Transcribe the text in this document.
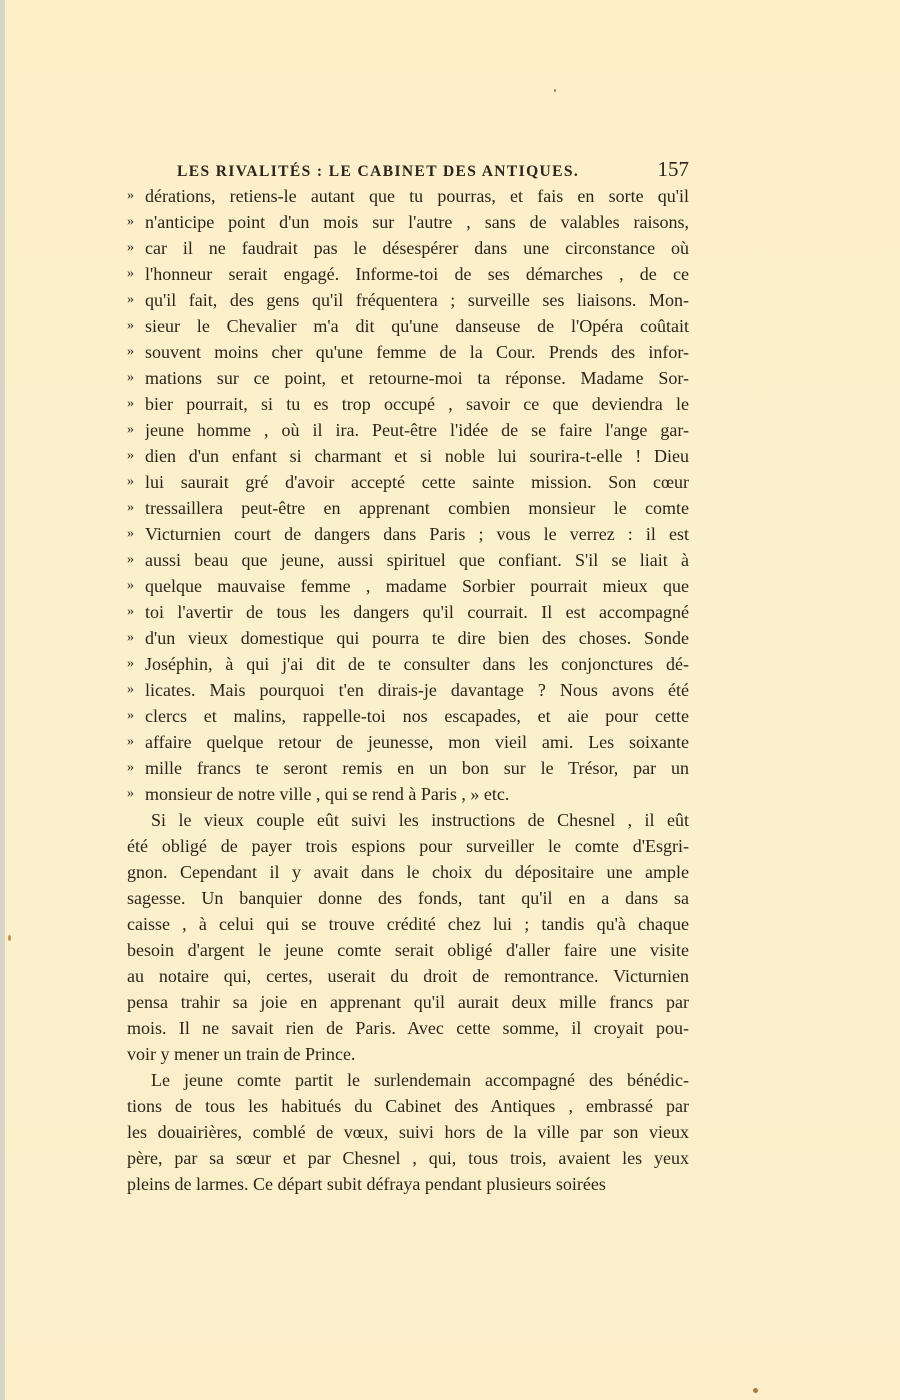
LES RIVALITÉS : LE CABINET DES ANTIQUES.	157
» dérations, retiens-le autant que tu pourras, et fais en sorte qu'il
» n'anticipe point d'un mois sur l'autre , sans de valables raisons,
» car il ne faudrait pas le désespérer dans une circonstance où
» l'honneur serait engagé. Informe-toi de ses démarches , de ce
» qu'il fait, des gens qu'il fréquentera ; surveille ses liaisons. Mon-
» sieur le Chevalier m'a dit qu'une danseuse de l'Opéra coûtait
» souvent moins cher qu'une femme de la Cour. Prends des infor-
» mations sur ce point, et retourne-moi ta réponse. Madame Sor-
» bier pourrait, si tu es trop occupé , savoir ce que deviendra le
» jeune homme , où il ira. Peut-être l'idée de se faire l'ange gar-
» dien d'un enfant si charmant et si noble lui sourira-t-elle ! Dieu
» lui saurait gré d'avoir accepté cette sainte mission. Son cœur
» tressaillera peut-être en apprenant combien monsieur le comte
» Victurnien court de dangers dans Paris ; vous le verrez : il est
» aussi beau que jeune, aussi spirituel que confiant. S'il se liait à
» quelque mauvaise femme , madame Sorbier pourrait mieux que
» toi l'avertir de tous les dangers qu'il courrait. Il est accompagné
» d'un vieux domestique qui pourra te dire bien des choses. Sonde
» Joséphin, à qui j'ai dit de te consulter dans les conjonctures dé-
» licates. Mais pourquoi t'en dirais-je davantage ? Nous avons été
» clercs et malins, rappelle-toi nos escapades, et aie pour cette
» affaire quelque retour de jeunesse, mon vieil ami. Les soixante
» mille francs te seront remis en un bon sur le Trésor, par un
» monsieur de notre ville , qui se rend à Paris , » etc.
Si le vieux couple eût suivi les instructions de Chesnel , il eût
été obligé de payer trois espions pour surveiller le comte d'Esgri-
gnon. Cependant il y avait dans le choix du dépositaire une ample
sagesse. Un banquier donne des fonds, tant qu'il en a dans sa
caisse , à celui qui se trouve crédité chez lui ; tandis qu'à chaque
besoin d'argent le jeune comte serait obligé d'aller faire une visite
au notaire qui, certes, userait du droit de remontrance. Victurnien
pensa trahir sa joie en apprenant qu'il aurait deux mille francs par
mois. Il ne savait rien de Paris. Avec cette somme, il croyait pou-
voir y mener un train de Prince.
Le jeune comte partit le surlendemain accompagné des bénédic-
tions de tous les habitués du Cabinet des Antiques , embrassé par
les douairières, comblé de vœux, suivi hors de la ville par son vieux
père, par sa sœur et par Chesnel , qui, tous trois, avaient les yeux
pleins de larmes. Ce départ subit défraya pendant plusieurs soirées
